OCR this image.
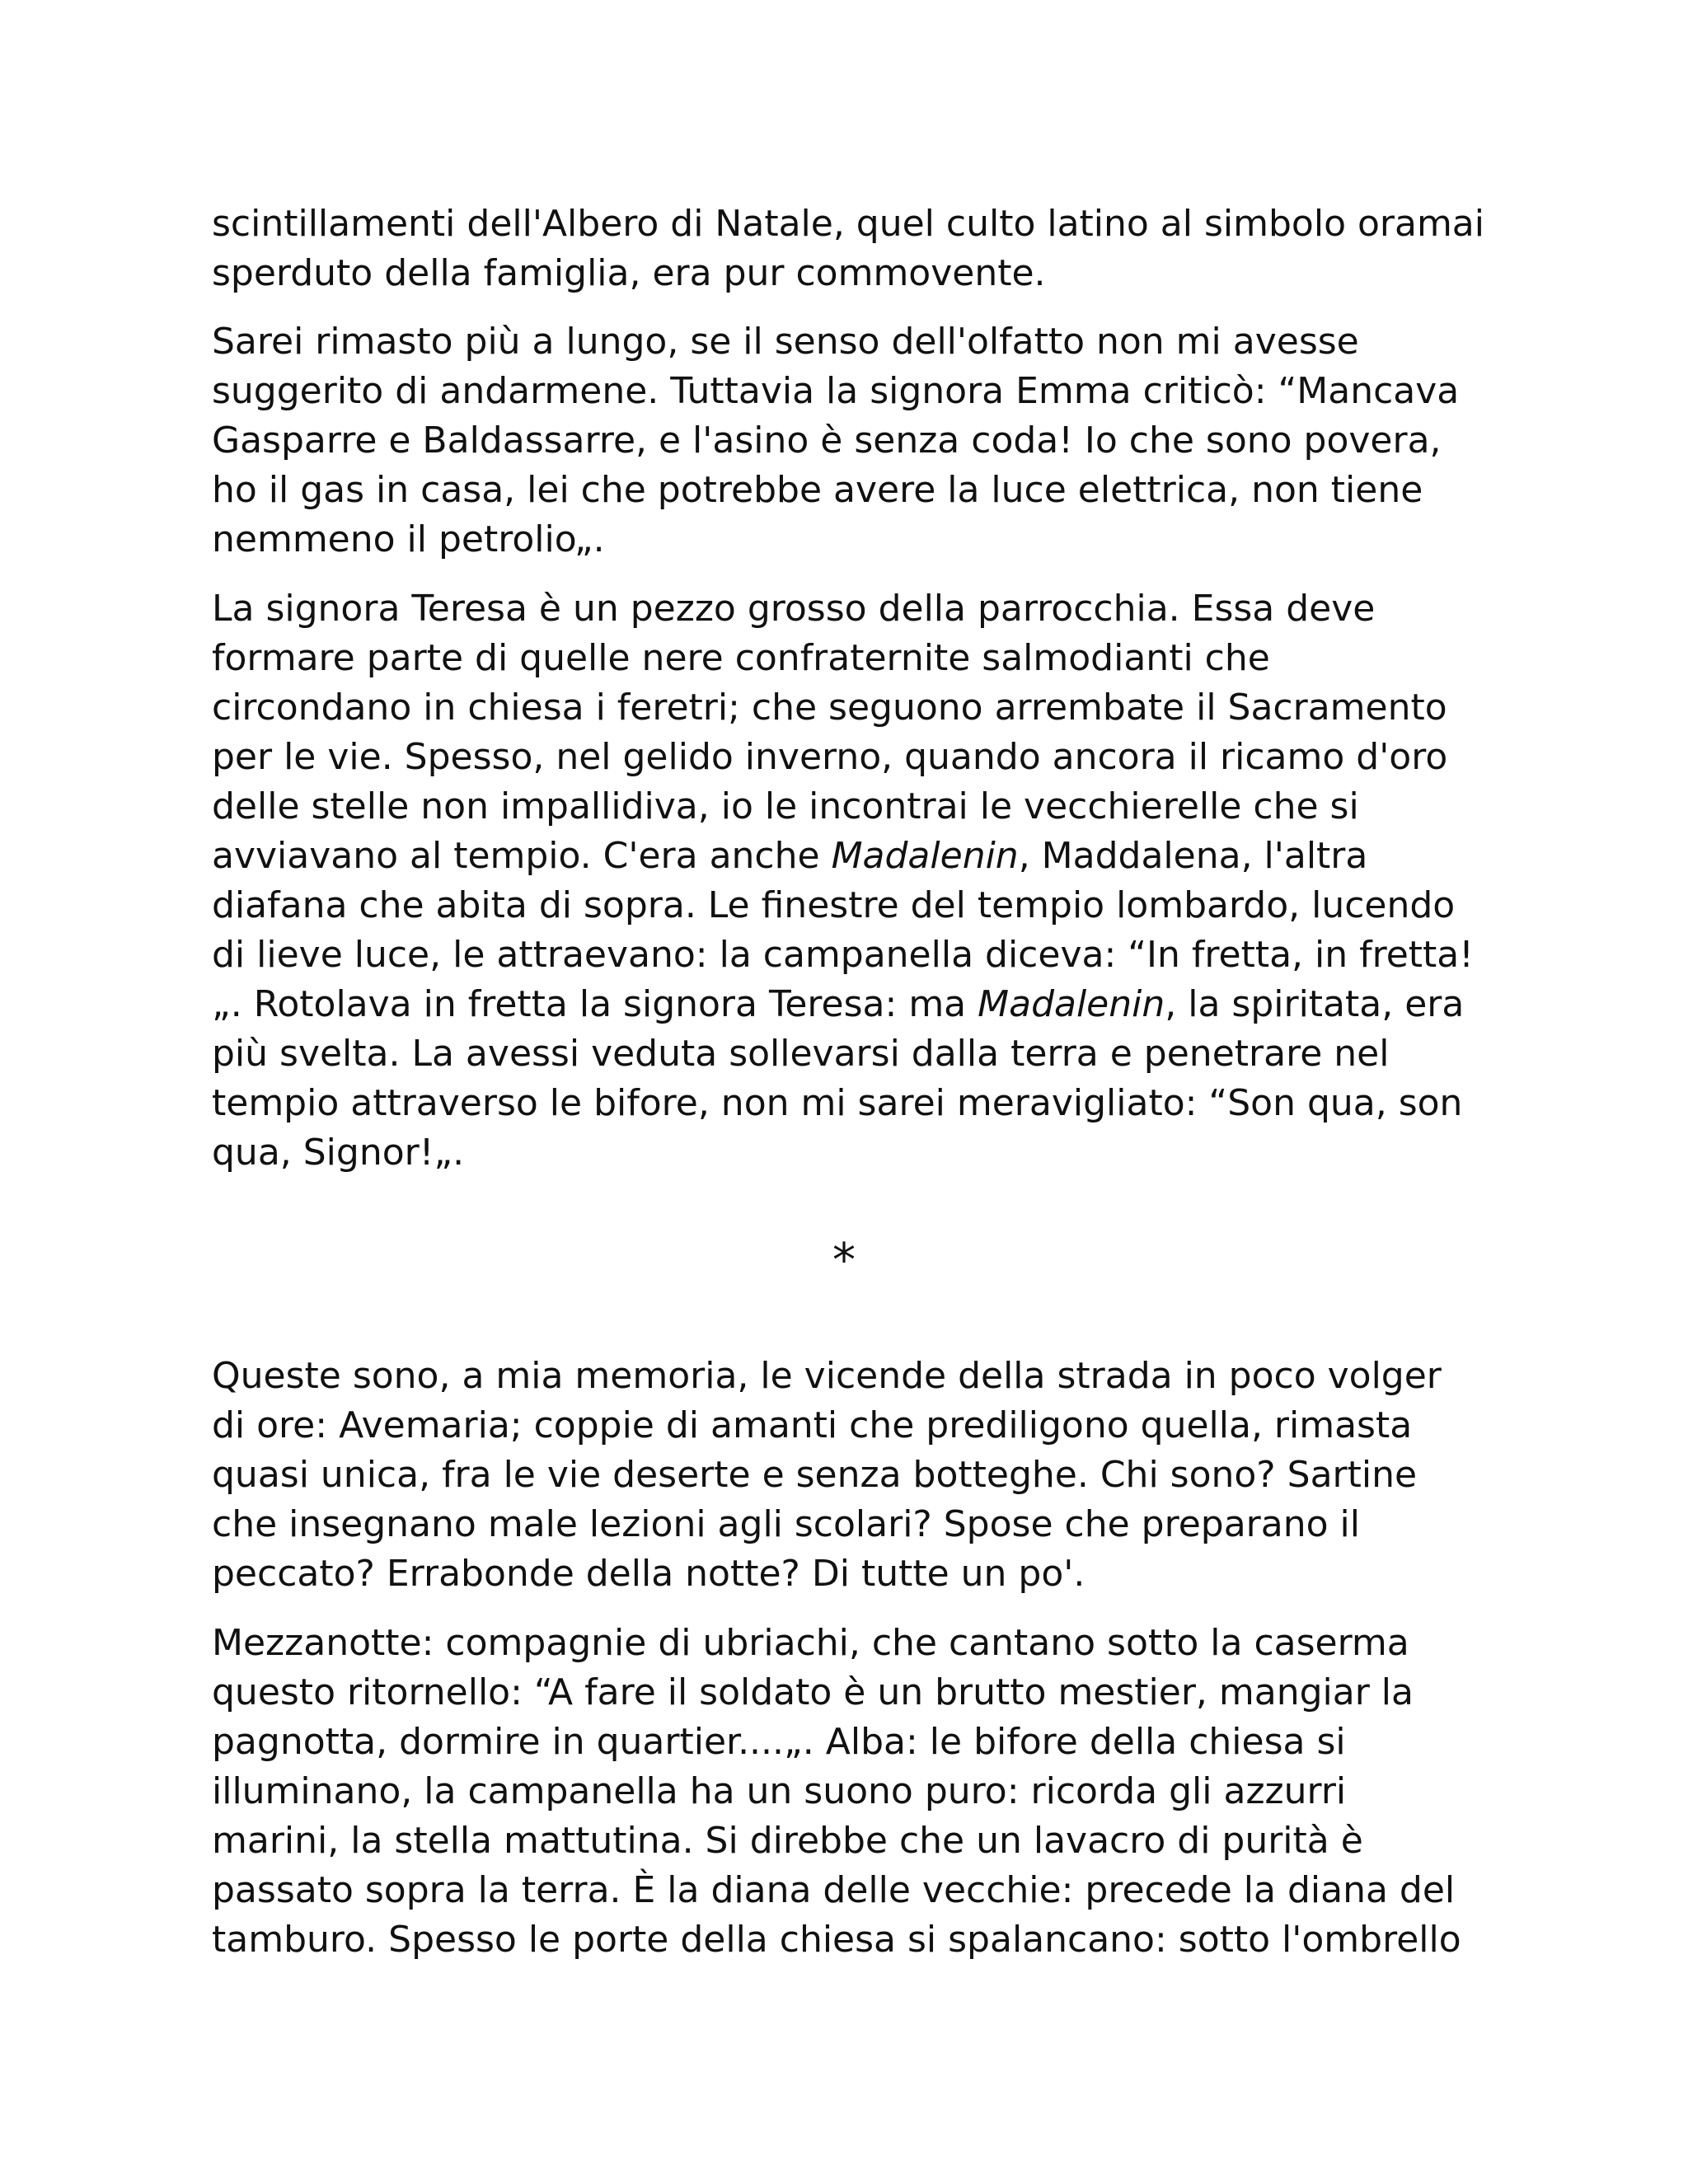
scintillamenti dell'Albero di Natale, quel culto latino al simbolo oramai
sperduto della famiglia, era pur commovente.
Sarei rimasto più a lungo, se il senso dell'olfatto non mi avesse
suggerito di andarmene. Tuttavia la signora Emma criticò: “Mancava
Gasparre e Baldassarre, e l'asino è senza coda! Io che sono povera,
ho il gas in casa, lei che potrebbe avere la luce elettrica, non tiene
nemmeno il petrolio„.
La signora Teresa è un pezzo grosso della parrocchia. Essa deve
formare parte di quelle nere confraternite salmodianti che
circondano in chiesa i feretri; che seguono arrembate il Sacramento
per le vie. Spesso, nel gelido inverno, quando ancora il ricamo d'oro
delle stelle non impallidiva, io le incontrai le vecchierelle che si
avviavano al tempio. C'era anche Madalenin, Maddalena, l'altra
diafana che abita di sopra. Le finestre del tempio lombardo, lucendo
di lieve luce, le attraevano: la campanella diceva: “In fretta, in fretta!
„. Rotolava in fretta la signora Teresa: ma Madalenin, la spiritata, era
più svelta. La avessi veduta sollevarsi dalla terra e penetrare nel
tempio attraverso le bifore, non mi sarei meravigliato: “Son qua, son
qua, Signor!„.
*
Queste sono, a mia memoria, le vicende della strada in poco volger
di ore: Avemaria; coppie di amanti che prediligono quella, rimasta
quasi unica, fra le vie deserte e senza botteghe. Chi sono? Sartine
che insegnano male lezioni agli scolari? Spose che preparano il
peccato? Errabonde della notte? Di tutte un po'.
Mezzanotte: compagnie di ubriachi, che cantano sotto la caserma
questo ritornello: “A fare il soldato è un brutto mestier, mangiar la
pagnotta, dormire in quartier....„. Alba: le bifore della chiesa si
illuminano, la campanella ha un suono puro: ricorda gli azzurri
marini, la stella mattutina. Si direbbe che un lavacro di purità è
passato sopra la terra. È la diana delle vecchie: precede la diana del
tamburo. Spesso le porte della chiesa si spalancano: sotto l'ombrello
